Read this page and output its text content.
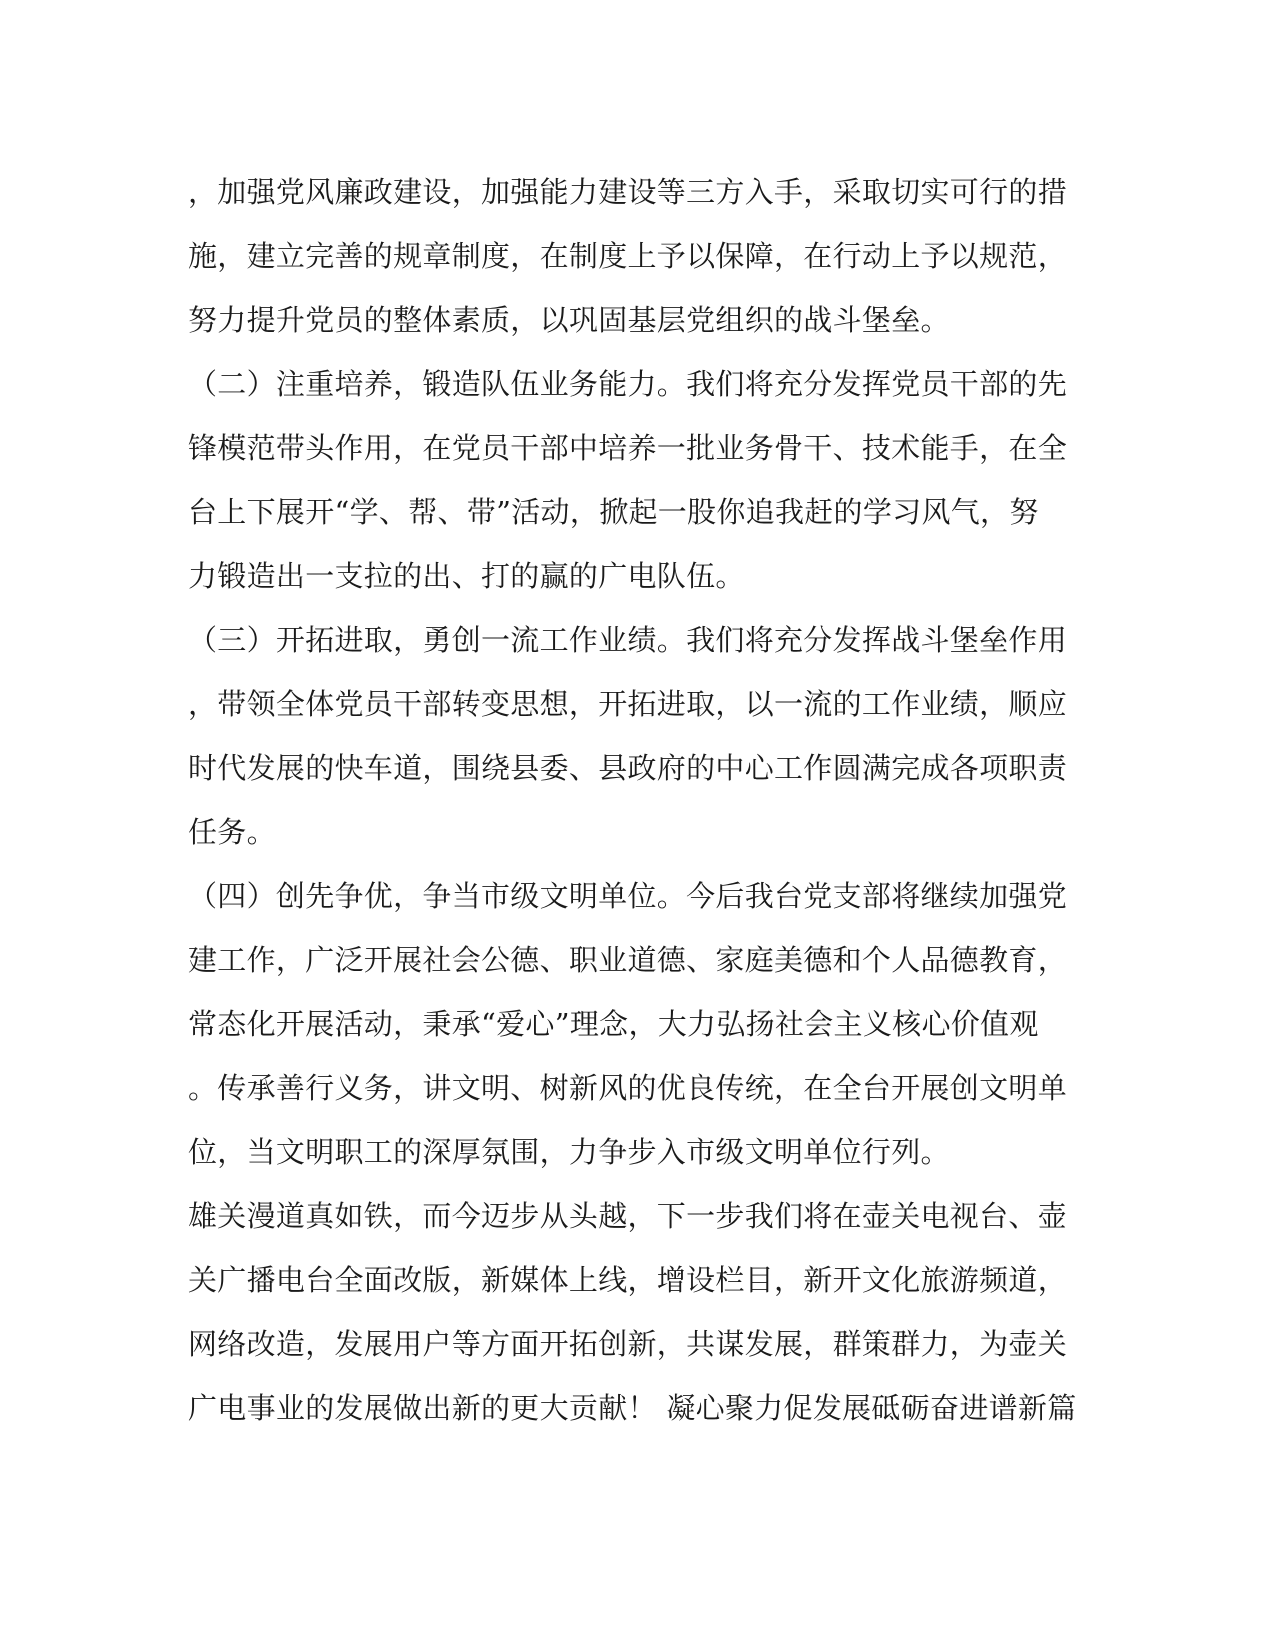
，加强党风廉政建设，加强能力建设等三方入手，采取切实可行的措
施，建立完善的规章制度，在制度上予以保障，在行动上予以规范，
努力提升党员的整体素质，以巩固基层党组织的战斗堡垒。
（二）注重培养，锻造队伍业务能力。我们将充分发挥党员干部的先
锋模范带头作用，在党员干部中培养一批业务骨干、技术能手，在全
台上下展开“学、帮、带”活动，掀起一股你追我赶的学习风气，努
力锻造出一支拉的出、打的赢的广电队伍。
（三）开拓进取，勇创一流工作业绩。我们将充分发挥战斗堡垒作用
，带领全体党员干部转变思想，开拓进取，以一流的工作业绩，顺应
时代发展的快车道，围绕县委、县政府的中心工作圆满完成各项职责
任务。
（四）创先争优，争当市级文明单位。今后我台党支部将继续加强党
建工作，广泛开展社会公德、职业道德、家庭美德和个人品德教育，
常态化开展活动，秉承“爱心”理念，大力弘扬社会主义核心价值观
。传承善行义务，讲文明、树新风的优良传统，在全台开展创文明单
位，当文明职工的深厚氛围，力争步入市级文明单位行列。
雄关漫道真如铁，而今迈步从头越，下一步我们将在壶关电视台、壶
关广播电台全面改版，新媒体上线，增设栏目，新开文化旅游频道，
网络改造，发展用户等方面开拓创新，共谋发展，群策群力，为壶关
广电事业的发展做出新的更大贡献！ 凝心聚力促发展砥砺奋进谱新篇
